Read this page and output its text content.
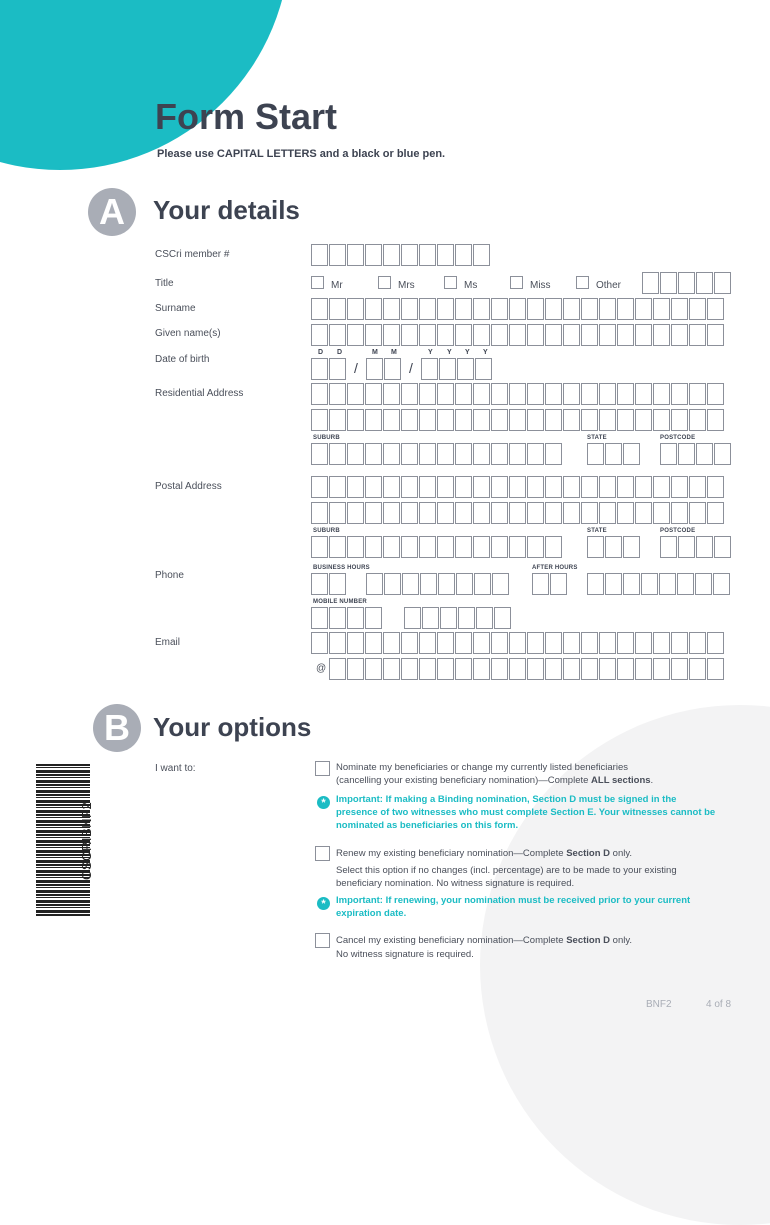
Form Start
Please use CAPITAL LETTERS and a black or blue pen.
A	Your details
CSCri member #
Title	Mr	Mrs	Ms	Miss	Other
Surname
Given name(s)
Date of birth
D D	M M	Y Y Y Y
/	/
Residential Address
SUBURB	STATE	POSTCODE
Postal Address
SUBURB	STATE	POSTCODE
Phone
BUSINESS HOURS	AFTER HOURS
MOBILE NUMBER
Email
@
B Your options
I want to:	Nominate my beneficiaries or change my currently listed beneficiaries
(cancelling your existing beneficiary nomination)—Complete ALL sections.
*	Important: If making a Binding nomination, Section D must be signed in the presence of two witnesses who must complete Section E. Your witnesses cannot be nominated as beneficiaries on this form.
Renew my existing beneficiary nomination—Complete Section D only.
Select this option if no changes (incl. percentage) are to be made to your existing beneficiary nomination. No witness signature is required.
*	Important: If renewing, your nomination must be received prior to your current expiration date.
Cancel my existing beneficiary nomination—Complete Section D only.
No witness signature is required.
CSCRIBNF2
BNF2	4 of 8
